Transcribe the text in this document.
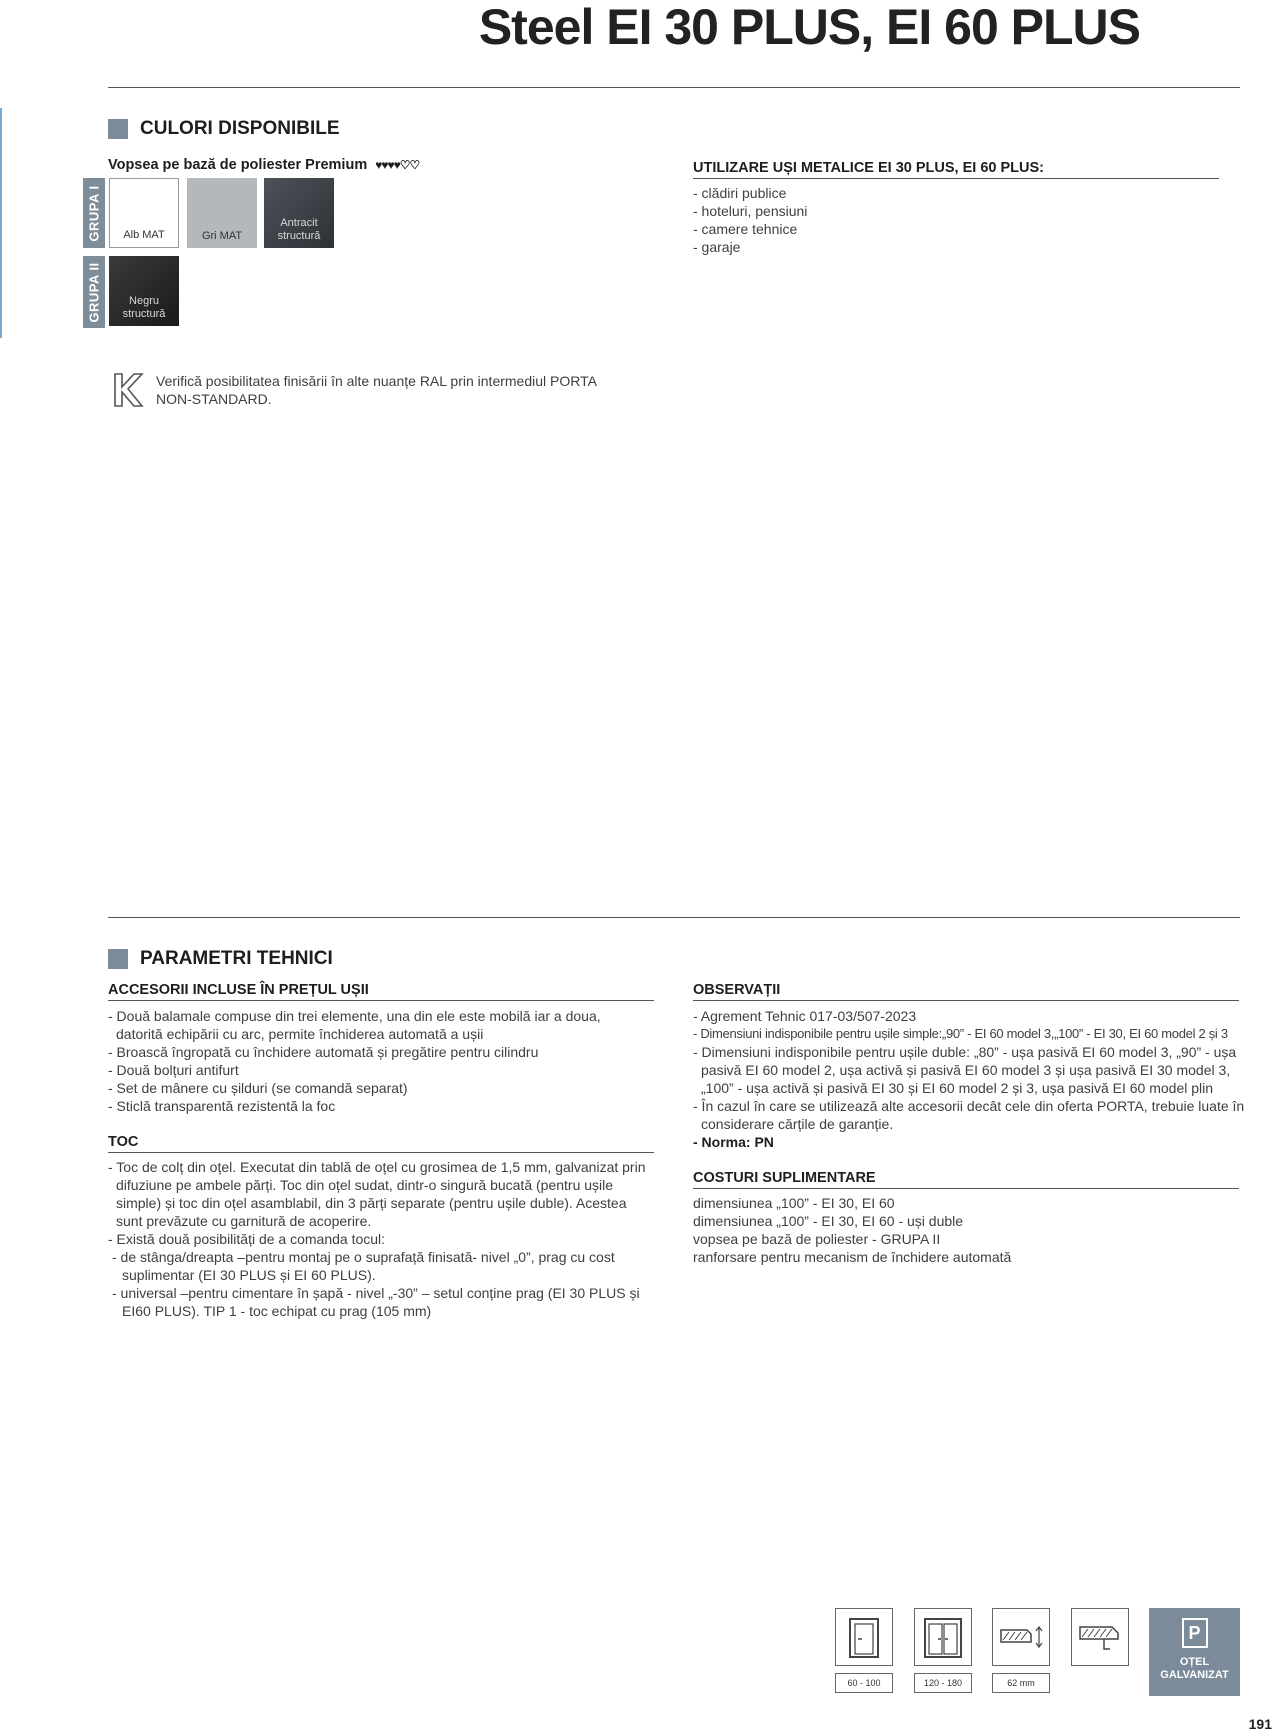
Steel EI 30 PLUS, EI 60 PLUS
CULORI DISPONIBILE
Vopsea pe bază de poliester Premium ♥♥♥♥♡♡
GRUPA I Alb MAT	Gri MAT
Antracit structură
GRUPA II	Negru structură
Verifică posibilitatea finisării în alte nuanțe RAL prin intermediul PORTA
NON-STANDARD.
UTILIZARE UȘI METALICE EI 30 PLUS, EI 60 PLUS:
- clădiri publice
- hoteluri, pensiuni
- camere tehnice
- garaje
PARAMETRI TEHNICI
ACCESORII INCLUSE ÎN PREȚUL UȘII
- Două balamale compuse din trei elemente, una din ele este mobilă iar a doua,
datorită echipării cu arc, permite închiderea automată a ușii
- Broască îngropată cu închidere automată și pregătire pentru cilindru
- Două bolțuri antifurt
- Set de mânere cu șilduri (se comandă separat)
- Sticlă transparentă rezistentă la foc
TOC
- Toc de colț din oțel. Executat din tablă de oțel cu grosimea de 1,5 mm, galvanizat prin
difuziune pe ambele părți. Toc din oțel sudat, dintr-o singură bucată (pentru ușile
simple) și toc din oțel asamblabil, din 3 părți separate (pentru ușile duble). Acestea
sunt prevăzute cu garnitură de acoperire.
- Există două posibilități de a comanda tocul:
- de stânga/dreapta –pentru montaj pe o suprafață finisată- nivel „0”, prag cu cost
suplimentar (EI 30 PLUS și EI 60 PLUS).
- universal –pentru cimentare în șapă - nivel „-30” – setul conține prag (EI 30 PLUS și
EI60 PLUS). TIP 1 - toc echipat cu prag (105 mm)
OBSERVAȚII
- Agrement Tehnic 017-03/507-2023
- Dimensiuni indisponibile pentru ușile simple:„90” - EI 60 model 3,„100” - EI 30, EI 60 model 2 și 3
- Dimensiuni indisponibile pentru ușile duble: „80” - ușa pasivă EI 60 model 3, „90” - ușa
pasivă EI 60 model 2, ușa activă și pasivă EI 60 model 3 și ușa pasivă EI 30 model 3,
„100” - ușa activă și pasivă EI 30 și EI 60 model 2 și 3, ușa pasivă EI 60 model plin
- În cazul în care se utilizează alte accesorii decât cele din oferta PORTA, trebuie luate în
considerare cărțile de garanție.
- Norma: PN
COSTURI SUPLIMENTARE
dimensiunea „100” - EI 30, EI 60
dimensiunea „100” - EI 30, EI 60 - uși duble
vopsea pe bază de poliester - GRUPA II
ranforsare pentru mecanism de închidere automată
60 - 100	120 - 180	62 mm
P
OȚEL
GALVANIZAT
191
